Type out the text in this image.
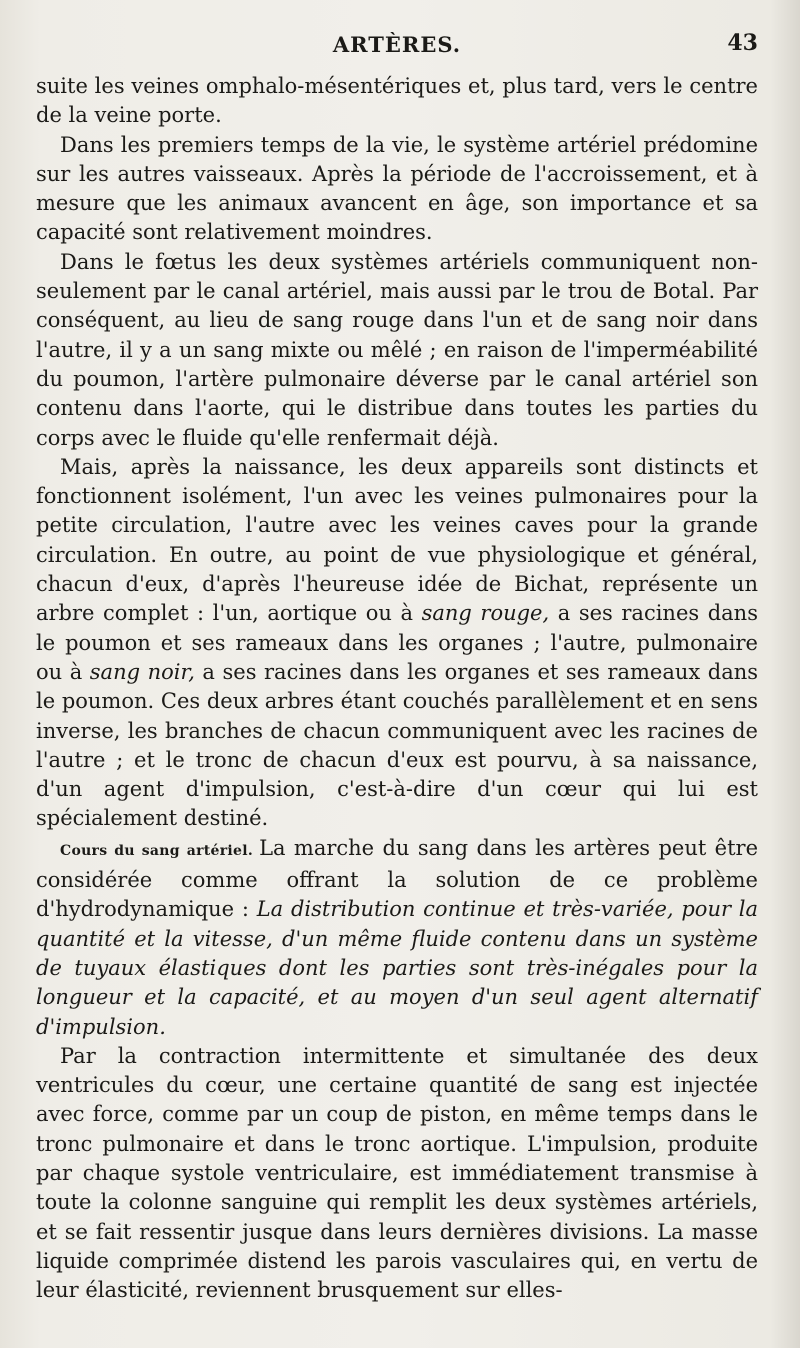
ARTÈRES.	43

suite les veines omphalo-mésentériques et, plus tard, vers le centre de la veine porte.

Dans les premiers temps de la vie, le système artériel prédomine sur les autres vaisseaux. Après la période de l'accroissement, et à mesure que les animaux avancent en âge, son importance et sa capacité sont relativement moindres.

Dans le fœtus les deux systèmes artériels communiquent non-seulement par le canal artériel, mais aussi par le trou de Botal. Par conséquent, au lieu de sang rouge dans l'un et de sang noir dans l'autre, il y a un sang mixte ou mêlé ; en raison de l'imperméabilité du poumon, l'artère pulmonaire déverse par le canal artériel son contenu dans l'aorte, qui le distribue dans toutes les parties du corps avec le fluide qu'elle renfermait déjà.

Mais, après la naissance, les deux appareils sont distincts et fonctionnent isolément, l'un avec les veines pulmonaires pour la petite circulation, l'autre avec les veines caves pour la grande circulation. En outre, au point de vue physiologique et général, chacun d'eux, d'après l'heureuse idée de Bichat, représente un arbre complet : l'un, aortique ou à sang rouge, a ses racines dans le poumon et ses rameaux dans les organes ; l'autre, pulmonaire ou à sang noir, a ses racines dans les organes et ses rameaux dans le poumon. Ces deux arbres étant couchés parallèlement et en sens inverse, les branches de chacun communiquent avec les racines de l'autre ; et le tronc de chacun d'eux est pourvu, à sa naissance, d'un agent d'impulsion, c'est-à-dire d'un cœur qui lui est spécialement destiné.

Cours du sang artériel. La marche du sang dans les artères peut être considérée comme offrant la solution de ce problème d'hydrodynamique : La distribution continue et très-variée, pour la quantité et la vitesse, d'un même fluide contenu dans un système de tuyaux élastiques dont les parties sont très-inégales pour la longueur et la capacité, et au moyen d'un seul agent alternatif d'impulsion.

Par la contraction intermittente et simultanée des deux ventricules du cœur, une certaine quantité de sang est injectée avec force, comme par un coup de piston, en même temps dans le tronc pulmonaire et dans le tronc aortique. L'impulsion, produite par chaque systole ventriculaire, est immédiatement transmise à toute la colonne sanguine qui remplit les deux systèmes artériels, et se fait ressentir jusque dans leurs dernières divisions. La masse liquide comprimée distend les parois vasculaires qui, en vertu de leur élasticité, reviennent brusquement sur elles-
